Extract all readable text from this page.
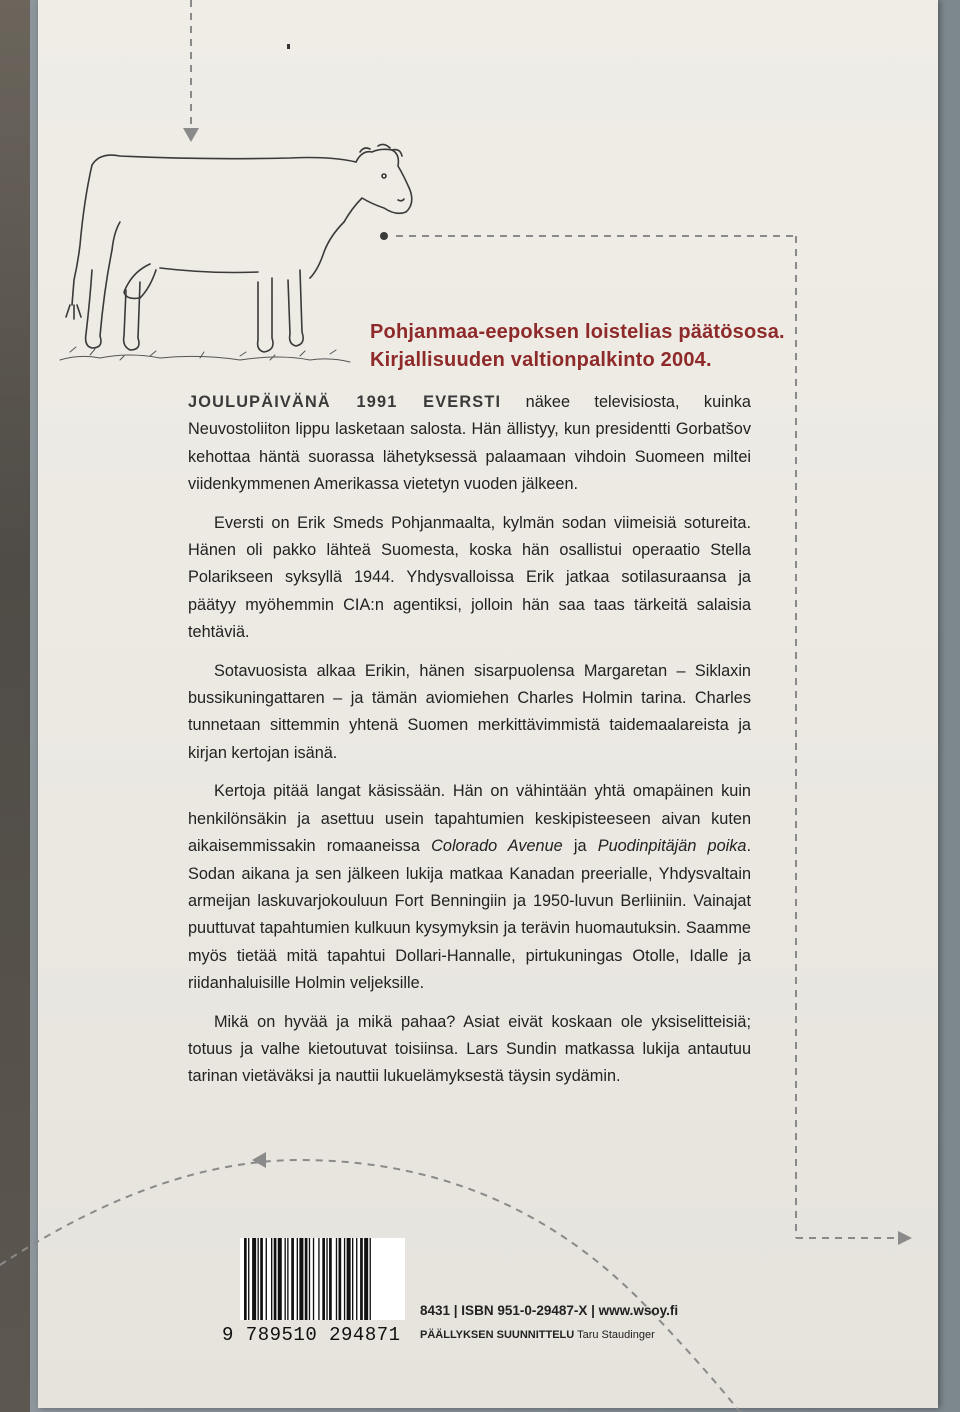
Pohjanmaa-eepoksen loistelias päätösosa.
Kirjallisuuden valtionpalkinto 2004.

JOULUPÄIVÄNÄ 1991 EVERSTI näkee televisiosta, kuinka Neuvostoliiton lippu lasketaan salosta. Hän ällistyy, kun presidentti Gorbatšov kehottaa häntä suorassa lähetyksessä palaamaan vihdoin Suomeen miltei viidenkymmenen Amerikassa vietetyn vuoden jälkeen.

Eversti on Erik Smeds Pohjanmaalta, kylmän sodan viimeisiä sotureita. Hänen oli pakko lähteä Suomesta, koska hän osallistui operaatio Stella Polarikseen syksyllä 1944. Yhdysvalloissa Erik jatkaa sotilasuraansa ja päätyy myöhemmin CIA:n agentiksi, jolloin hän saa taas tärkeitä salaisia tehtäviä.

Sotavuosista alkaa Erikin, hänen sisarpuolensa Margaretan – Siklaxin bussikuningattaren – ja tämän aviomiehen Charles Holmin tarina. Charles tunnetaan sittemmin yhtenä Suomen merkittävimmistä taidemaalareista ja kirjan kertojan isänä.

Kertoja pitää langat käsissään. Hän on vähintään yhtä omapäinen kuin henkilönsäkin ja asettuu usein tapahtumien keskipisteeseen aivan kuten aikaisemmissakin romaaneissa Colorado Avenue ja Puodinpitäjän poika. Sodan aikana ja sen jälkeen lukija matkaa Kanadan preerialle, Yhdysvaltain armeijan laskuvarjokouluun Fort Benningiin ja 1950-luvun Berliiniin. Vainajat puuttuvat tapahtumien kulkuun kysymyksin ja terävin huomautuksin. Saamme myös tietää mitä tapahtui Dollari-Hannalle, pirtukuningas Otolle, Idalle ja riidanhaluisille Holmin veljeksille.

Mikä on hyvää ja mikä pahaa? Asiat eivät koskaan ole yksiselitteisiä; totuus ja valhe kietoutuvat toisiinsa. Lars Sundin matkassa lukija antautuu tarinan vietäväksi ja nauttii lukuelämyksestä täysin sydämin.

9 789510 294871
8431 | ISBN 951-0-29487-X | www.wsoy.fi
PÄÄLLYKSEN SUUNNITTELU Taru Staudinger
